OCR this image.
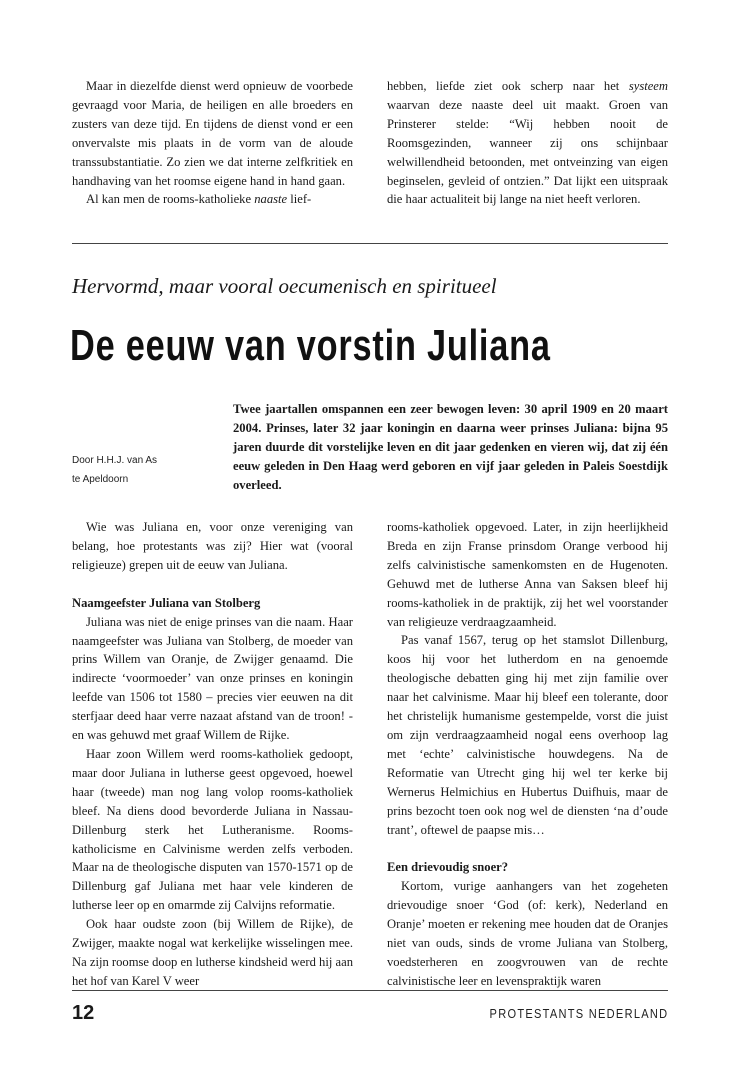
Maar in diezelfde dienst werd opnieuw de voorbede gevraagd voor Maria, de heiligen en alle broeders en zusters van deze tijd. En tijdens de dienst vond er een onvervalste mis plaats in de vorm van de aloude transsubstantiatie. Zo zien we dat interne zelfkritiek en handhaving van het roomse eigene hand in hand gaan.

Al kan men de rooms-katholieke naaste lief-

hebben, liefde ziet ook scherp naar het systeem waarvan deze naaste deel uit maakt. Groen van Prinsterer stelde: “Wij hebben nooit de Roomsgezinden, wanneer zij ons schijnbaar welwillendheid betoonden, met ontveinzing van eigen beginselen, gevleid of ontzien.” Dat lijkt een uitspraak die haar actualiteit bij lange na niet heeft verloren.

Hervormd, maar vooral oecumenisch en spiritueel
De eeuw van vorstin Juliana
Door H.H.J. van As
te Apeldoorn

Twee jaartallen omspannen een zeer bewogen leven: 30 april 1909 en 20 maart 2004. Prinses, later 32 jaar koningin en daarna weer prinses Juliana: bijna 95 jaren duurde dit vorstelijke leven en dit jaar gedenken en vieren wij, dat zij één eeuw geleden in Den Haag werd geboren en vijf jaar geleden in Paleis Soestdijk overleed.

Wie was Juliana en, voor onze vereniging van belang, hoe protestants was zij? Hier wat (vooral religieuze) grepen uit de eeuw van Juliana.

Naamgeefster Juliana van Stolberg

Juliana was niet de enige prinses van die naam. Haar naamgeefster was Juliana van Stolberg, de moeder van prins Willem van Oranje, de Zwijger genaamd. Die indirecte ‘voormoeder’ van onze prinses en koningin leefde van 1506 tot 1580 – precies vier eeuwen na dit sterfjaar deed haar verre nazaat afstand van de troon! - en was gehuwd met graaf Willem de Rijke.

Haar zoon Willem werd rooms-katholiek gedoopt, maar door Juliana in lutherse geest opgevoed, hoewel haar (tweede) man nog lang volop rooms-katholiek bleef. Na diens dood bevorderde Juliana in Nassau-Dillenburg sterk het Lutheranisme. Rooms-katholicisme en Calvinisme werden zelfs verboden. Maar na de theologische disputen van 1570-1571 op de Dillenburg gaf Juliana met haar vele kinderen de lutherse leer op en omarmde zij Calvijns reformatie.

Ook haar oudste zoon (bij Willem de Rijke), de Zwijger, maakte nogal wat kerkelijke wisselingen mee. Na zijn roomse doop en lutherse kindsheid werd hij aan het hof van Karel V weer

rooms-katholiek opgevoed. Later, in zijn heerlijkheid Breda en zijn Franse prinsdom Orange verbood hij zelfs calvinistische samenkomsten en de Hugenoten. Gehuwd met de lutherse Anna van Saksen bleef hij rooms-katholiek in de praktijk, zij het wel voorstander van religieuze verdraagzaamheid.

Pas vanaf 1567, terug op het stamslot Dillenburg, koos hij voor het lutherdom en na genoemde theologische debatten ging hij met zijn familie over naar het calvinisme. Maar hij bleef een tolerante, door het christelijk humanisme gestempelde, vorst die juist om zijn verdraagzaamheid nogal eens overhoop lag met ‘echte’ calvinistische houwdegens. Na de Reformatie van Utrecht ging hij wel ter kerke bij Wernerus Helmichius en Hubertus Duifhuis, maar de prins bezocht toen ook nog wel de diensten ‘na d’oude trant’, oftewel de paapse mis…

Een drievoudig snoer?

Kortom, vurige aanhangers van het zogeheten drievoudige snoer ‘God (of: kerk), Nederland en Oranje’ moeten er rekening mee houden dat de Oranjes niet van ouds, sinds de vrome Juliana van Stolberg, voedsterheren en zoogvrouwen van de rechte calvinistische leer en levenspraktijk waren

12	PROTESTANTS NEDERLAND
